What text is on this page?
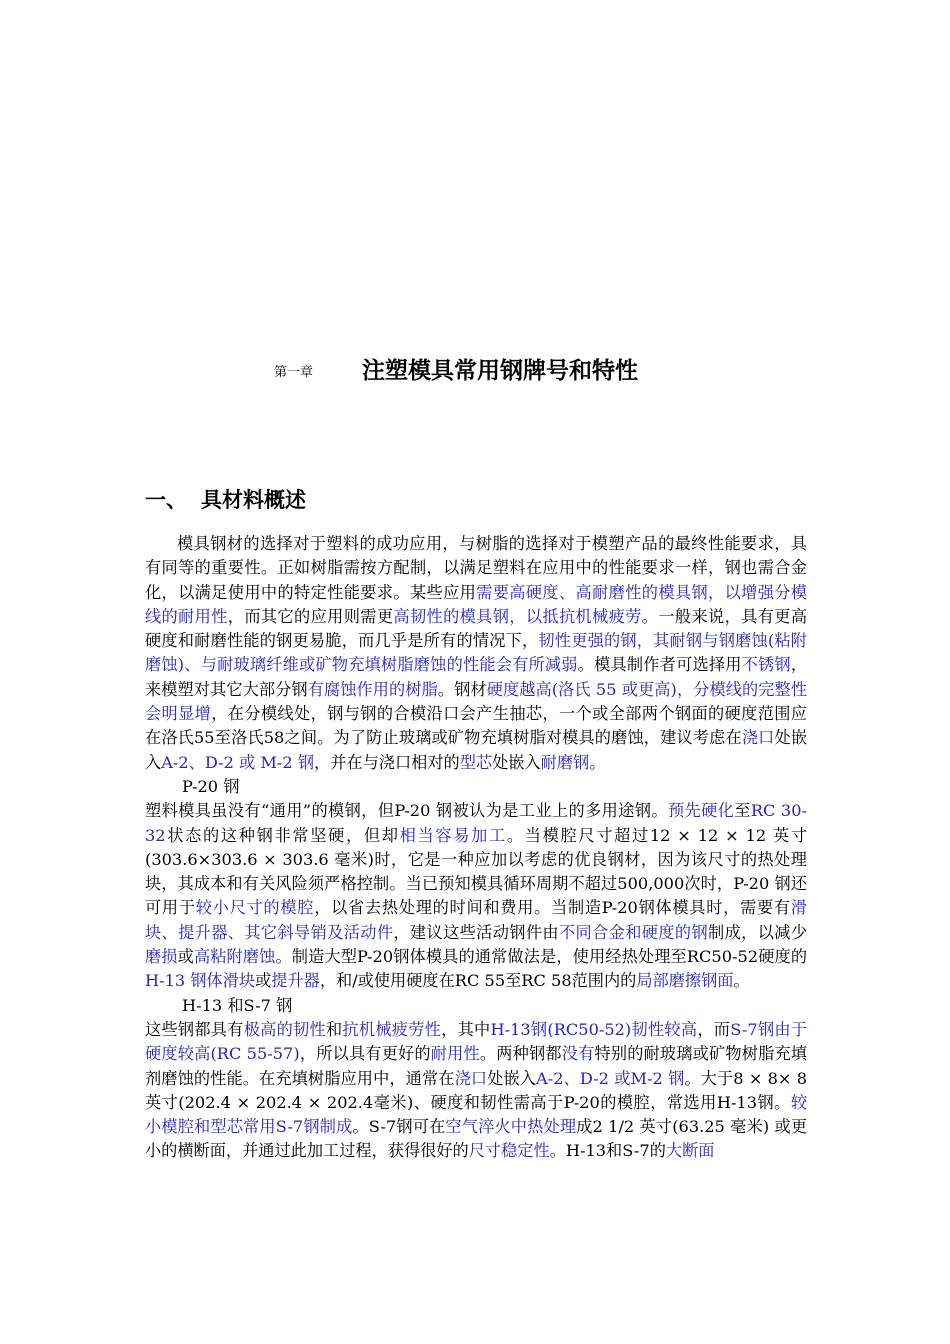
第一章 注塑模具常用钢牌号和特性
一、 具材料概述

模具钢材的选择对于塑料的成功应用，与树脂的选择对于模塑产品的最终性能要求，具有同等的重要性。正如树脂需按方配制，以满足塑料在应用中的性能要求一样，钢也需合金化，以满足使用中的特定性能要求。某些应用需要高硬度、高耐磨性的模具钢，以增强分模线的耐用性，而其它的应用则需更高韧性的模具钢，以抵抗机械疲劳。一般来说，具有更高硬度和耐磨性能的钢更易脆，而几乎是所有的情况下，韧性更强的钢，其耐钢与钢磨蚀(粘附磨蚀)、与耐玻璃纤维或矿物充填树脂磨蚀的性能会有所减弱。模具制作者可选择用不锈钢，来模塑对其它大部分钢有腐蚀作用的树脂。钢材硬度越高(洛氏 55 或更高)，分模线的完整性会明显增，在分模线处，钢与钢的合模沿口会产生抽芯，一个或全部两个钢面的硬度范围应在洛氏55至洛氏58之间。为了防止玻璃或矿物充填树脂对模具的磨蚀，建议考虑在浇口处嵌入A-2、D-2 或 M-2 钢，并在与浇口相对的型芯处嵌入耐磨钢。

P-20 钢

塑料模具虽没有“通用”的模钢，但P-20 钢被认为是工业上的多用途钢。预先硬化至RC 30-32状态的这种钢非常坚硬，但却相当容易加工。当模腔尺寸超过12 × 12 × 12 英寸(303.6×303.6 × 303.6 毫米)时，它是一种应加以考虑的优良钢材，因为该尺寸的热处理块，其成本和有关风险须严格控制。当已预知模具循环周期不超过500,000次时，P-20 钢还可用于较小尺寸的模腔，以省去热处理的时间和费用。当制造P-20钢体模具时，需要有滑块、提升器、其它斜导销及活动件，建议这些活动钢件由不同合金和硬度的钢制成，以减少磨损或高粘附磨蚀。制造大型P-20钢体模具的通常做法是，使用经热处理至RC50-52硬度的H-13 钢体滑块或提升器，和/或使用硬度在RC 55至RC 58范围内的局部磨擦钢面。

H-13 和S-7 钢

这些钢都具有极高的韧性和抗机械疲劳性，其中H-13钢(RC50-52)韧性较高，而S-7钢由于硬度较高(RC 55-57)，所以具有更好的耐用性。两种钢都没有特别的耐玻璃或矿物树脂充填剂磨蚀的性能。在充填树脂应用中，通常在浇口处嵌入A-2、D-2 或M-2 钢。大于8 × 8× 8 英寸(202.4 × 202.4 × 202.4毫米)、硬度和韧性需高于P-20的模腔，常选用H-13钢。较小模腔和型芯常用S-7钢制成。S-7钢可在空气淬火中热处理成2 1/2 英寸(63.25 毫米) 或更小的横断面，并通过此加工过程，获得很好的尺寸稳定性。H-13和S-7的大断面
